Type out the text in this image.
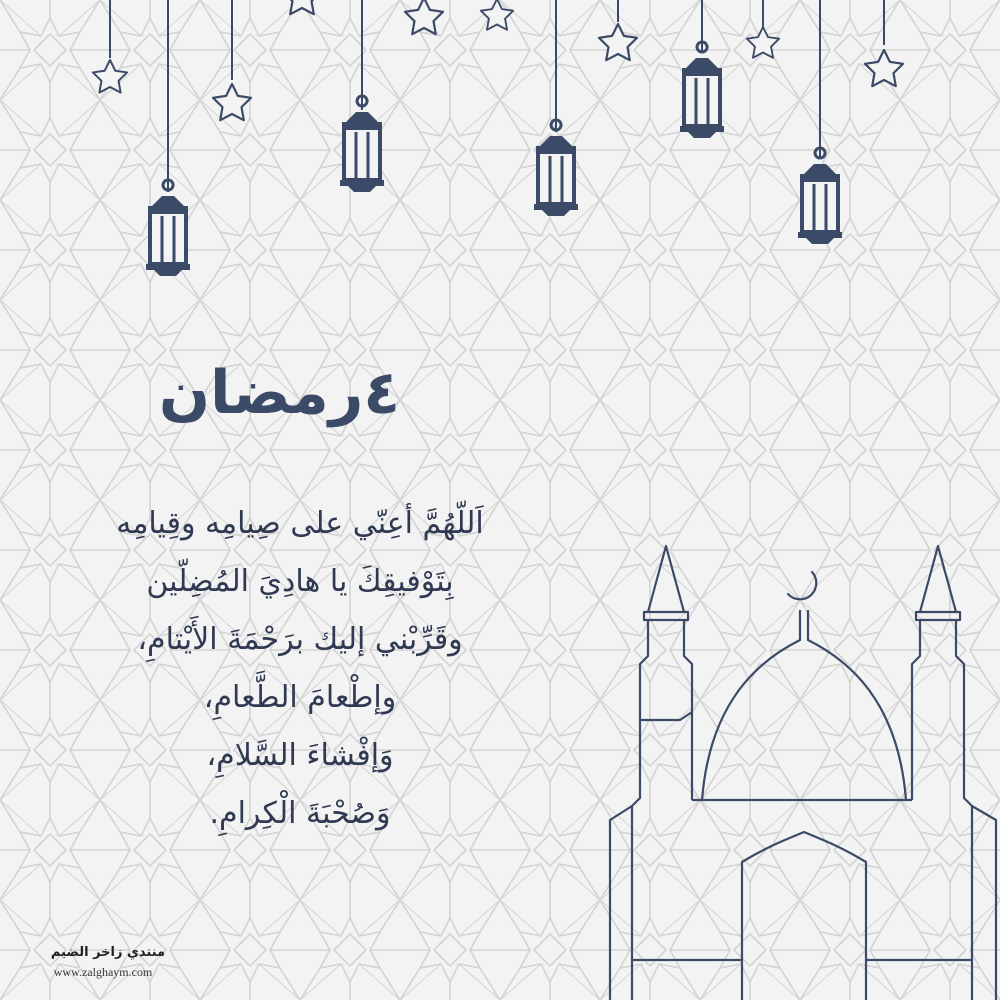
٤رمضان
اَللّهُمَّ أعِنّي على صِيامِه وقِيامِه
بِتَوْفيقِكَ يا هادِيَ المُضِلّين
وقَرِّبْني إليك برَحْمَةَ الأَيْتامِ،
وإطْعامَ الطَّعامِ،
وَإفْشاءَ السَّلامِ،
وَصُحْبَةَ الْكِرامِ.
منتدي زاخر الضيم
www.zalghaym.com
